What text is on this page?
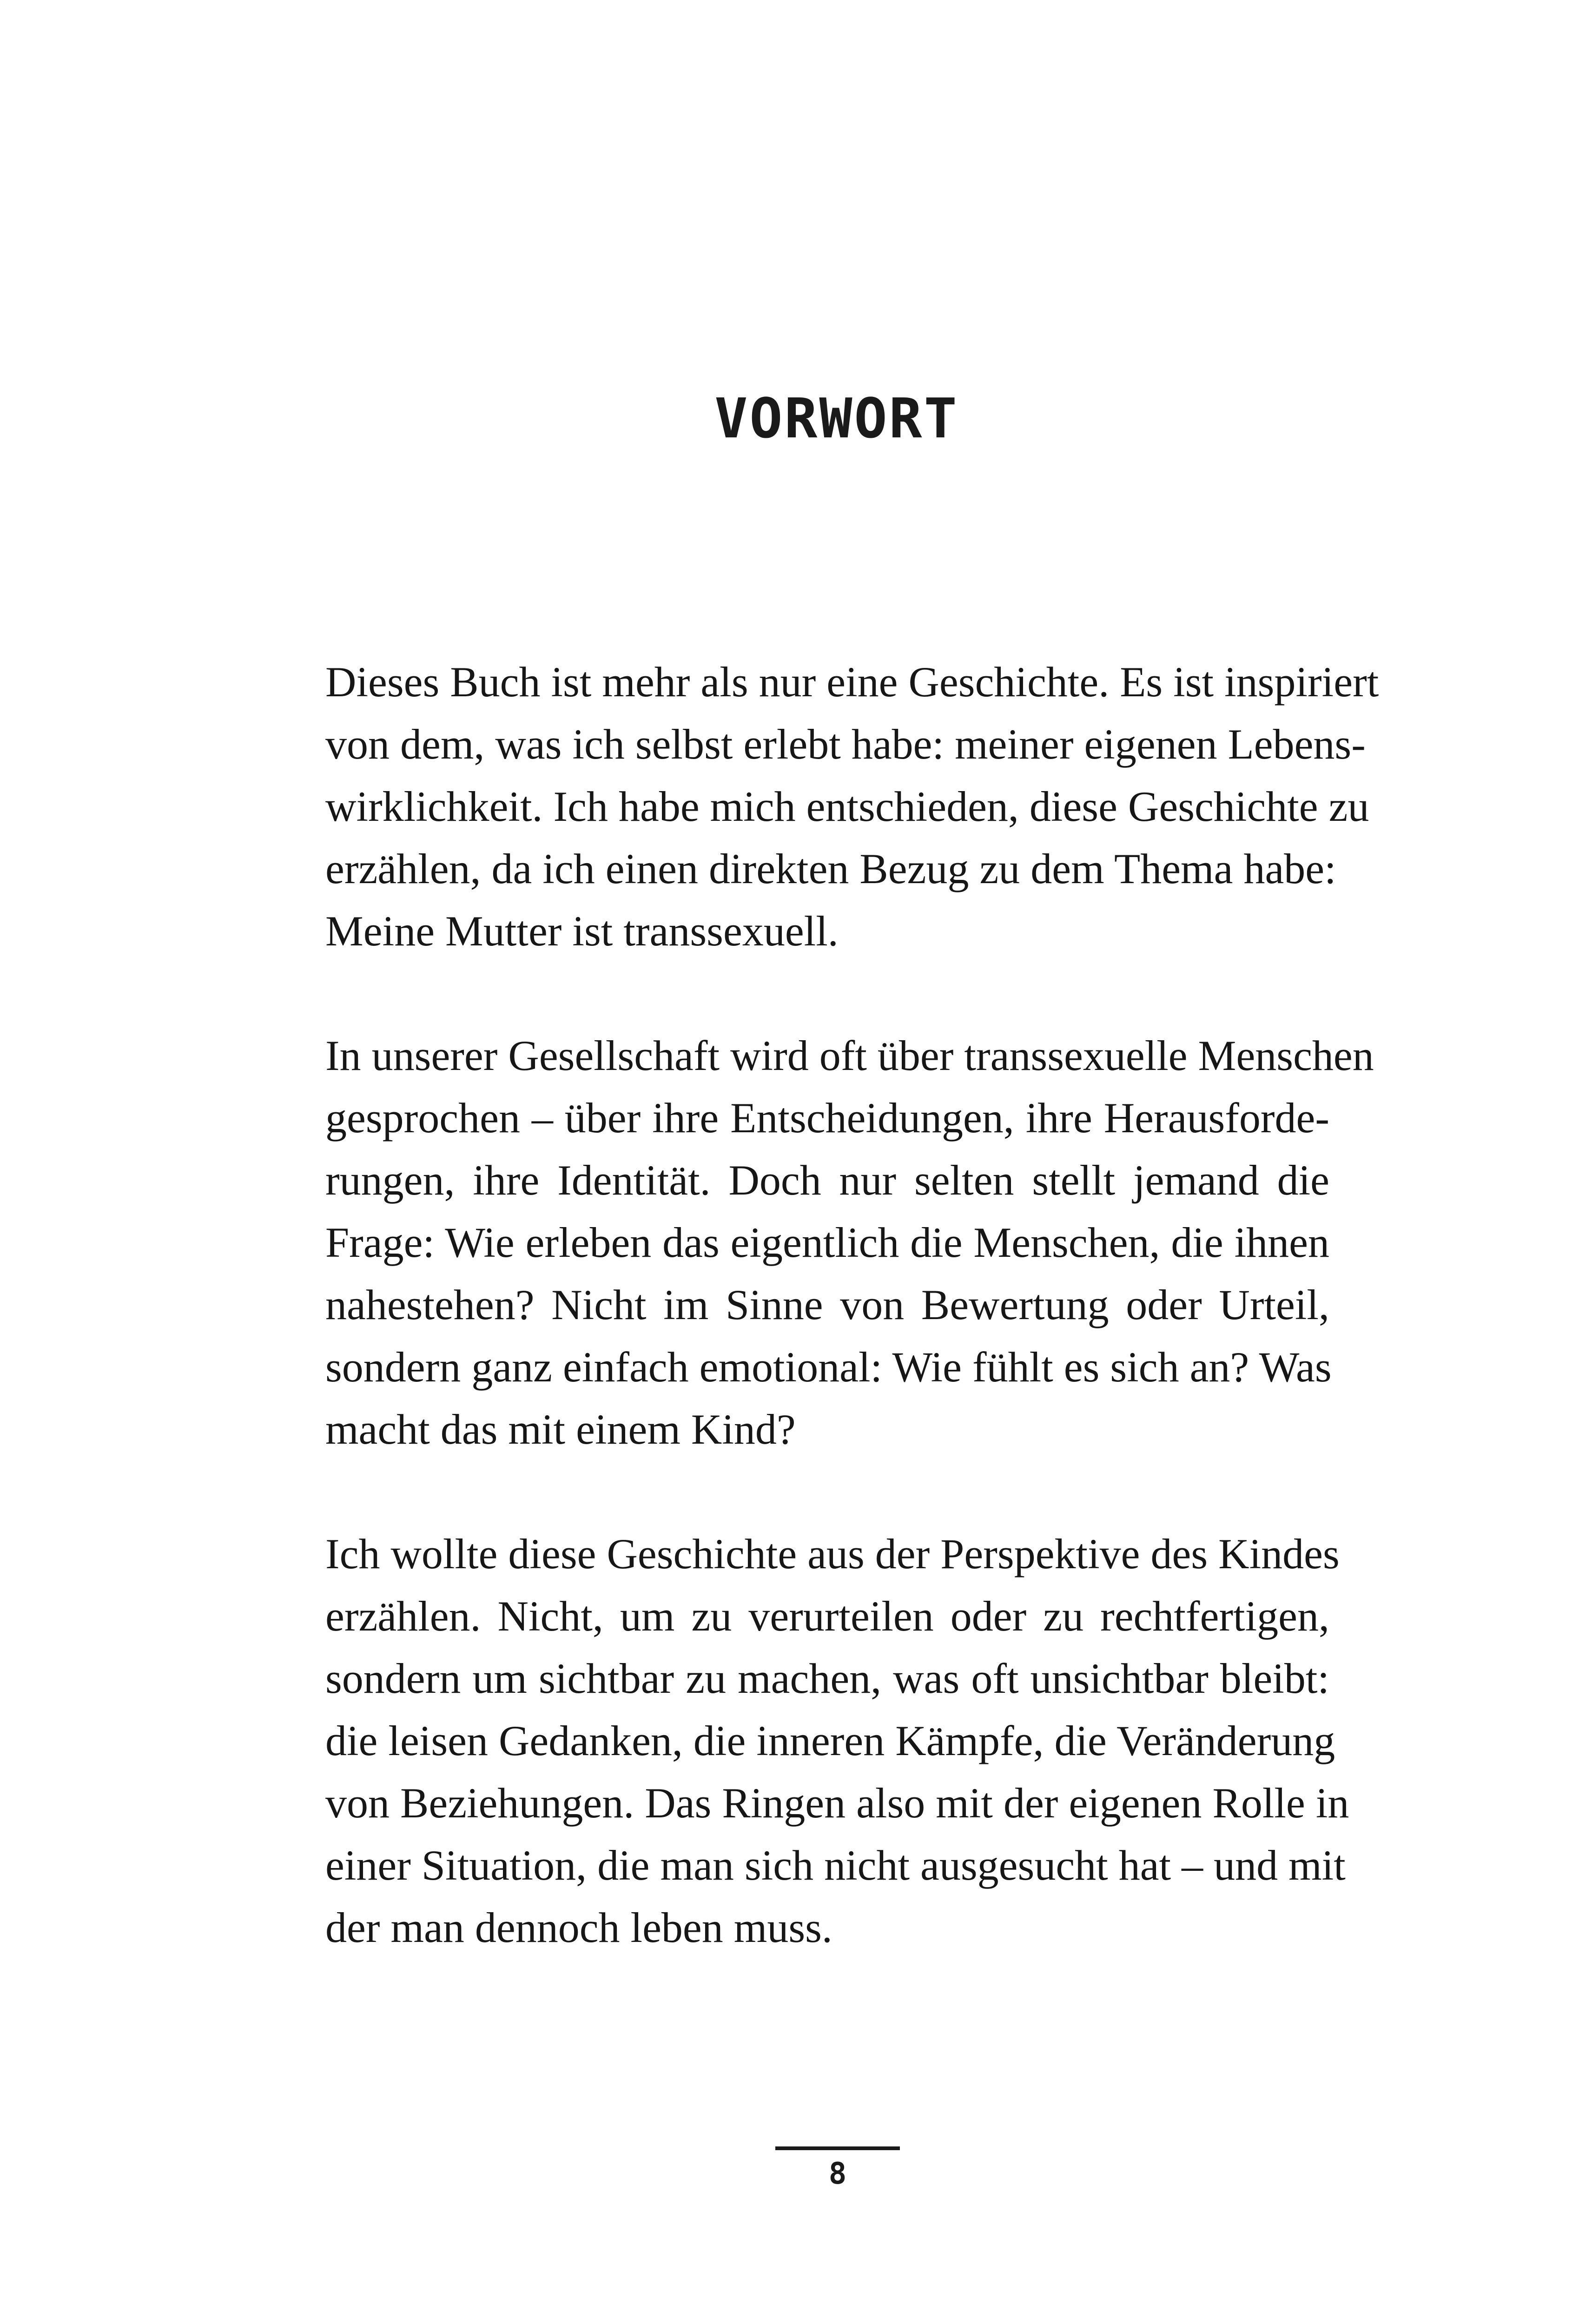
VORWORT

Dieses Buch ist mehr als nur eine Geschichte. Es ist inspiriert
von dem, was ich selbst erlebt habe: meiner eigenen Lebens-
wirklichkeit. Ich habe mich entschieden, diese Geschichte zu
erzählen, da ich einen direkten Bezug zu dem Thema habe:
Meine Mutter ist transsexuell.

In unserer Gesellschaft wird oft über transsexuelle Menschen
gesprochen – über ihre Entscheidungen, ihre Herausforde-
rungen, ihre Identität. Doch nur selten stellt jemand die
Frage: Wie erleben das eigentlich die Menschen, die ihnen
nahestehen? Nicht im Sinne von Bewertung oder Urteil,
sondern ganz einfach emotional: Wie fühlt es sich an? Was
macht das mit einem Kind?

Ich wollte diese Geschichte aus der Perspektive des Kindes
erzählen. Nicht, um zu verurteilen oder zu rechtfertigen,
sondern um sichtbar zu machen, was oft unsichtbar bleibt:
die leisen Gedanken, die inneren Kämpfe, die Veränderung
von Beziehungen. Das Ringen also mit der eigenen Rolle in
einer Situation, die man sich nicht ausgesucht hat – und mit
der man dennoch leben muss.

8
